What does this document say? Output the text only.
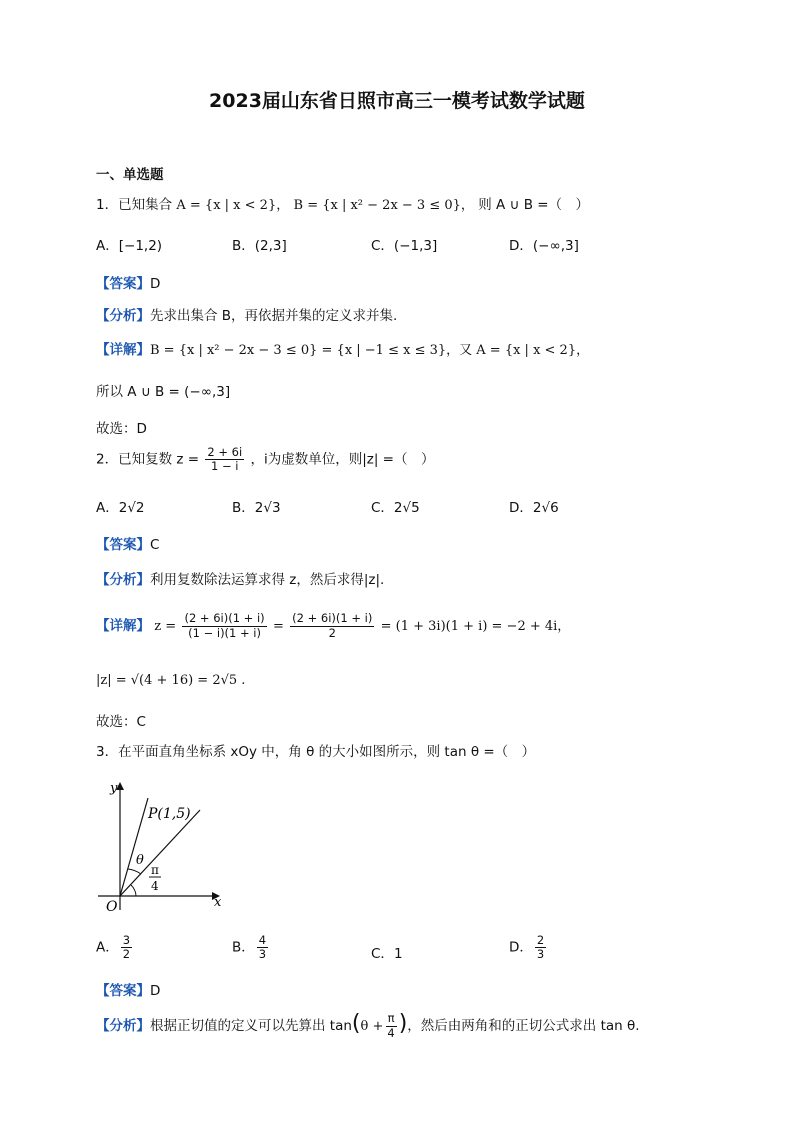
2023届山东省日照市高三一模考试数学试题
一、单选题
1．已知集合 A = {x | x < 2}， B = {x | x² − 2x − 3 ≤ 0}， 则 A ∪ B =（　）
A．[−1,2)	B．(2,3]	C．(−1,3]	D．(−∞,3]
【答案】D
【分析】先求出集合 B，再依据并集的定义求并集.
【详解】B = {x | x² − 2x − 3 ≤ 0} = {x | −1 ≤ x ≤ 3}，又 A = {x | x < 2}，
所以 A ∪ B = (−∞,3]
故选：D
2．已知复数 $z = \frac{2 + 6i}{1 - i}$ ，i为虚数单位，则|z| =（　）
A．2√2	B．2√3	C．2√5	D．2√6
【答案】C
【分析】利用复数除法运算求得 z，然后求得|z|.
【详解】 $z = \frac{(2 + 6i)(1 + i)}{(1 - i)(1 + i)} = \frac{(2 + 6i)(1 + i)}{2} = (1 + 3i)(1 + i) = -2 + 4i$，
|z| = √(4 + 16) = 2√5 .
故选：C
3．在平面直角坐标系 xOy 中，角 θ 的大小如图所示，则 tan θ =（　）
y
x
O
P(1,5)
θ
π
4
A． $\frac{3}{2}$	B． $\frac{4}{3}$	C．1	D． $\frac{2}{3}$
【答案】D
【分析】根据正切值的定义可以先算出 $\tan(\theta + \frac{\pi}{4}$ )，然后由两角和的正切公式求出 tan θ.
